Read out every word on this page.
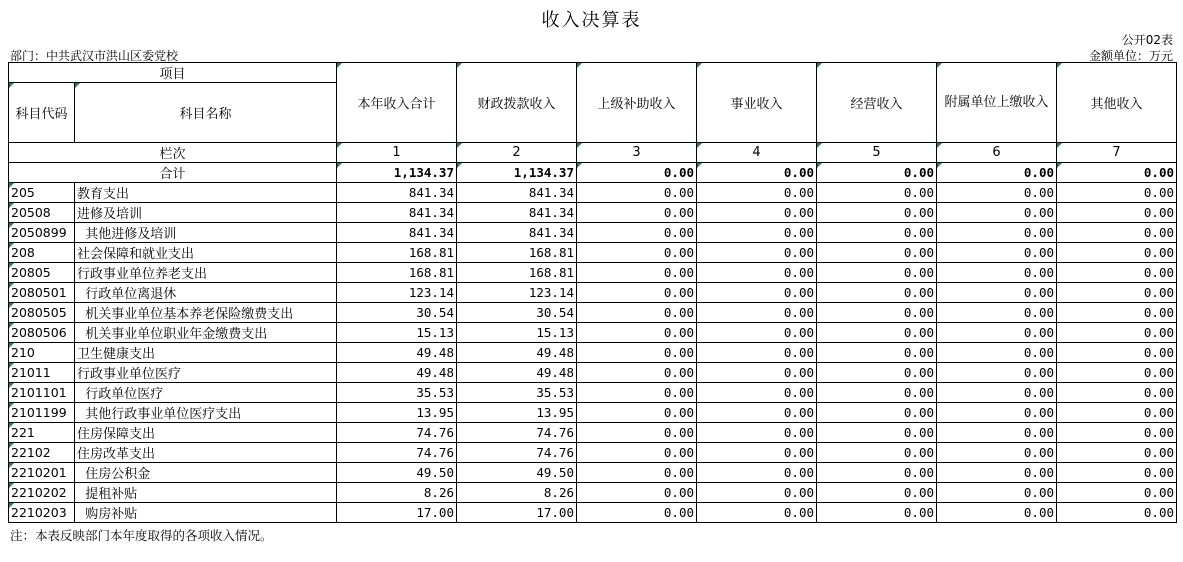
收入决算表
公开02表
部门：中共武汉市洪山区委党校	金额单位：万元
项目		本年收入合计	财政拨款收入	上级补助收入	事业收入	经营收入	附属单位上缴收入	其他收入
科目代码	科目名称							

栏次		1	2	3	4	5	6	7
合计		1,134.37	1,134.37	0.00	0.00	0.00	0.00	0.00
205	教育支出	841.34	841.34	0.00	0.00	0.00	0.00	0.00
20508	进修及培训	841.34	841.34	0.00	0.00	0.00	0.00	0.00
2050899	其他进修及培训	841.34	841.34	0.00	0.00	0.00	0.00	0.00
208	社会保障和就业支出	168.81	168.81	0.00	0.00	0.00	0.00	0.00
20805	行政事业单位养老支出	168.81	168.81	0.00	0.00	0.00	0.00	0.00
2080501	行政单位离退休	123.14	123.14	0.00	0.00	0.00	0.00	0.00
2080505	机关事业单位基本养老保险缴费支出	30.54	30.54	0.00	0.00	0.00	0.00	0.00
2080506	机关事业单位职业年金缴费支出	15.13	15.13	0.00	0.00	0.00	0.00	0.00
210	卫生健康支出	49.48	49.48	0.00	0.00	0.00	0.00	0.00
21011	行政事业单位医疗	49.48	49.48	0.00	0.00	0.00	0.00	0.00
2101101	行政单位医疗	35.53	35.53	0.00	0.00	0.00	0.00	0.00
2101199	其他行政事业单位医疗支出	13.95	13.95	0.00	0.00	0.00	0.00	0.00
221	住房保障支出	74.76	74.76	0.00	0.00	0.00	0.00	0.00
22102	住房改革支出	74.76	74.76	0.00	0.00	0.00	0.00	0.00
2210201	住房公积金	49.50	49.50	0.00	0.00	0.00	0.00	0.00
2210202	提租补贴	8.26	8.26	0.00	0.00	0.00	0.00	0.00
2210203	购房补贴	17.00	17.00	0.00	0.00	0.00	0.00	0.00
注：本表反映部门本年度取得的各项收入情况。
